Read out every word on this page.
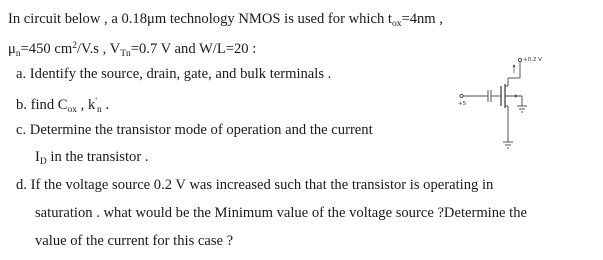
In circuit below , a 0.18μm technology NMOS is used for which $t_{ox}=4nm$ ,
$\mu_n=450$ $cm^2/V.s$ , $V_{Tn}=0.7$ V and W/L=20 :
a. Identify the source, drain, gate, and bulk terminals .
b. find $C_{ox}$ , $k'_n$ .
c. Determine the transistor mode of operation and the current
$I_D$ in the transistor .
d. If the voltage source 0.2 V was increased such that the transistor is operating in
saturation . what would be the Minimum value of the voltage source ?Determine the
value of the current for this case ?
+0.2 V
+5
